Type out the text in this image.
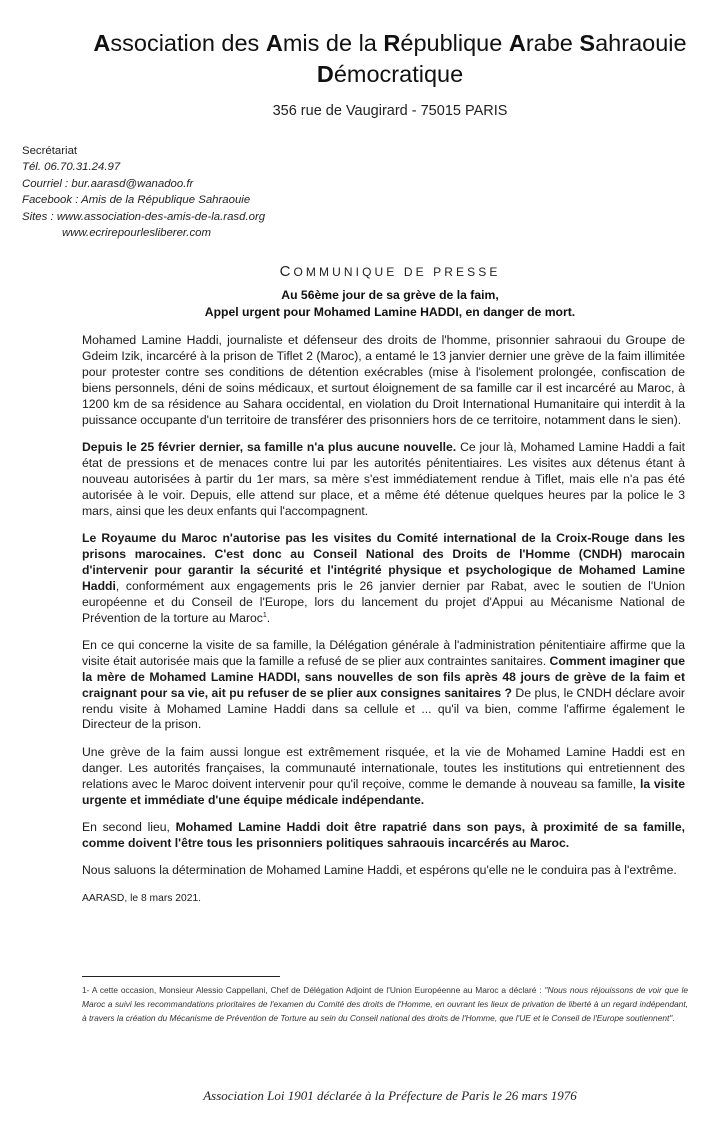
Association des Amis de la République Arabe Sahraouie
Démocratique
356 rue de Vaugirard - 75015 PARIS
Secrétariat
Tél. 06.70.31.24.97
Courriel : bur.aarasd@wanadoo.fr
Facebook : Amis de la République Sahraouie
Sites : www.association-des-amis-de-la.rasd.org
www.ecrirepourlesliberer.com
COMMUNIQUE DE PRESSE
Au 56ème jour de sa grève de la faim,
Appel urgent pour Mohamed Lamine HADDI, en danger de mort.

Mohamed Lamine Haddi, journaliste et défenseur des droits de l'homme, prisonnier sahraoui du Groupe de Gdeim Izik, incarcéré à la prison de Tiflet 2 (Maroc), a entamé le 13 janvier dernier une grève de la faim illimitée pour protester contre ses conditions de détention exécrables (mise à l'isolement prolongée, confiscation de biens personnels, déni de soins médicaux, et surtout éloignement de sa famille car il est incarcéré au Maroc, à 1200 km de sa résidence au Sahara occidental, en violation du Droit International Humanitaire qui interdit à la puissance occupante d'un territoire de transférer des prisonniers hors de ce territoire, notamment dans le sien).

Depuis le 25 février dernier, sa famille n'a plus aucune nouvelle. Ce jour là, Mohamed Lamine Haddi a fait état de pressions et de menaces contre lui par les autorités pénitentiaires. Les visites aux détenus étant à nouveau autorisées à partir du 1er mars, sa mère s'est immédiatement rendue à Tiflet, mais elle n'a pas été autorisée à le voir. Depuis, elle attend sur place, et a même été détenue quelques heures par la police le 3 mars, ainsi que les deux enfants qui l'accompagnent.

Le Royaume du Maroc n'autorise pas les visites du Comité international de la Croix-Rouge dans les prisons marocaines. C'est donc au Conseil National des Droits de l'Homme (CNDH) marocain d'intervenir pour garantir la sécurité et l'intégrité physique et psychologique de Mohamed Lamine Haddi, conformément aux engagements pris le 26 janvier dernier par Rabat, avec le soutien de l'Union européenne et du Conseil de l'Europe, lors du lancement du projet d'Appui au Mécanisme National de Prévention de la torture au Maroc$^1$.

En ce qui concerne la visite de sa famille, la Délégation générale à l'administration pénitentiaire affirme que la visite était autorisée mais que la famille a refusé de se plier aux contraintes sanitaires. Comment imaginer que la mère de Mohamed Lamine HADDI, sans nouvelles de son fils après 48 jours de grève de la faim et craignant pour sa vie, ait pu refuser de se plier aux consignes sanitaires ? De plus, le CNDH déclare avoir rendu visite à Mohamed Lamine Haddi dans sa cellule et ... qu'il va bien, comme l'affirme également le Directeur de la prison.

Une grève de la faim aussi longue est extrêmement risquée, et la vie de Mohamed Lamine Haddi est en danger. Les autorités françaises, la communauté internationale, toutes les institutions qui entretiennent des relations avec le Maroc doivent intervenir pour qu'il reçoive, comme le demande à nouveau sa famille, la visite urgente et immédiate d'une équipe médicale indépendante.

En second lieu, Mohamed Lamine Haddi doit être rapatrié dans son pays, à proximité de sa famille, comme doivent l'être tous les prisonniers politiques sahraouis incarcérés au Maroc.

Nous saluons la détermination de Mohamed Lamine Haddi, et espérons qu'elle ne le conduira pas à l'extrême.

AARASD, le 8 mars 2021.

1- A cette occasion, Monsieur Alessio Cappellani, Chef de Délégation Adjoint de l'Union Européenne au Maroc a déclaré : "Nous nous réjouissons de voir que le Maroc a suivi les recommandations prioritaires de l'examen du Comité des droits de l'Homme, en ouvrant les lieux de privation de liberté à un regard indépendant, à travers la création du Mécanisme de Prévention de Torture au sein du Conseil national des droits de l'Homme, que l'UE et le Conseil de l'Europe soutiennent".
Association Loi 1901 déclarée à la Préfecture de Paris le 26 mars 1976
